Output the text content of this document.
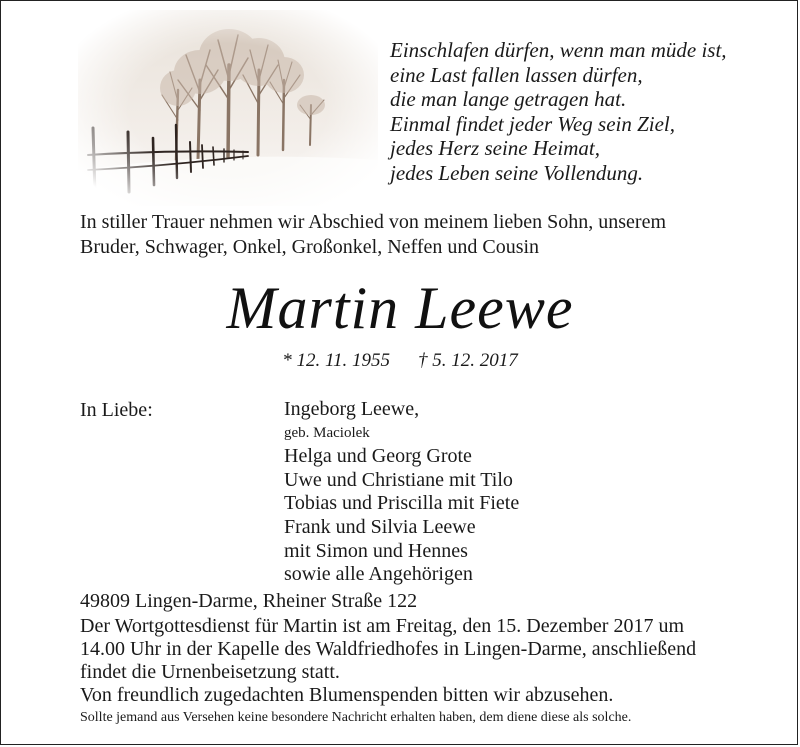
Einschlafen dürfen, wenn man müde ist,
eine Last fallen lassen dürfen,
die man lange getragen hat.
Einmal findet jeder Weg sein Ziel,
jedes Herz seine Heimat,
jedes Leben seine Vollendung.
In stiller Trauer nehmen wir Abschied von meinem lieben Sohn, unserem
Bruder, Schwager, Onkel, Großonkel, Neffen und Cousin
Martin Leewe
* 12. 11. 1955 † 5. 12. 2017
In Liebe:	Ingeborg Leewe,
geb. Maciolek
Helga und Georg Grote
Uwe und Christiane mit Tilo
Tobias und Priscilla mit Fiete
Frank und Silvia Leewe
mit Simon und Hennes
sowie alle Angehörigen
49809 Lingen-Darme, Rheiner Straße 122
Der Wortgottesdienst für Martin ist am Freitag, den 15. Dezember 2017 um
14.00 Uhr in der Kapelle des Waldfriedhofes in Lingen-Darme, anschließend
findet die Urnenbeisetzung statt.
Von freundlich zugedachten Blumenspenden bitten wir abzusehen.
Sollte jemand aus Versehen keine besondere Nachricht erhalten haben, dem diene diese als solche.
